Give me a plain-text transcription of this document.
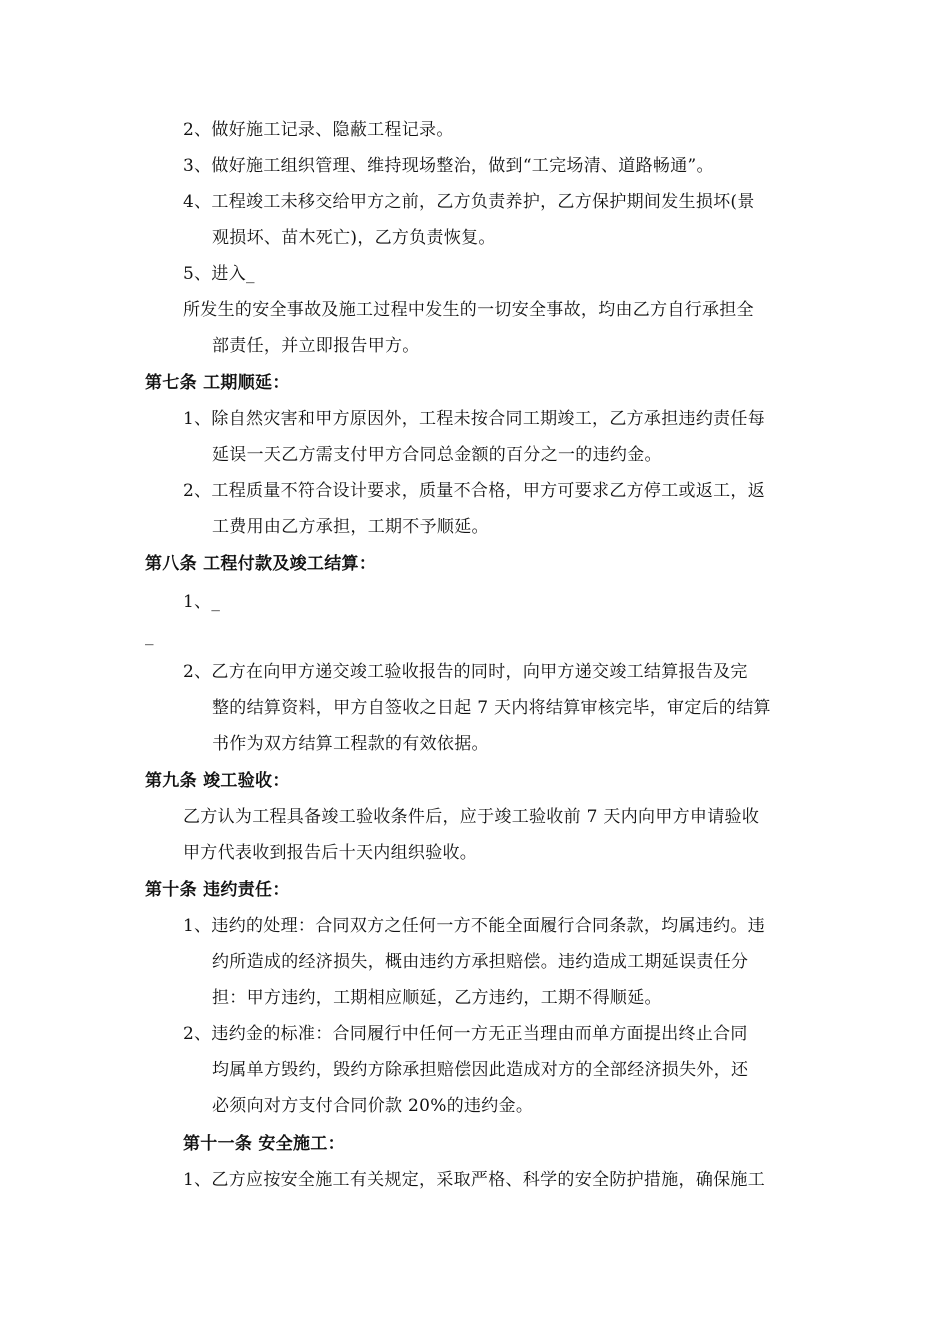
2、做好施工记录、隐蔽工程记录。
3、做好施工组织管理、维持现场整治，做到“工完场清、道路畅通”。
4、工程竣工未移交给甲方之前，乙方负责养护，乙方保护期间发生损坏(景
观损坏、苗木死亡)，乙方负责恢复。
5、进入_
所发生的安全事故及施工过程中发生的一切安全事故，均由乙方自行承担全
部责任，并立即报告甲方。
第七条 工期顺延：
1、除自然灾害和甲方原因外，工程未按合同工期竣工，乙方承担违约责任每
延误一天乙方需支付甲方合同总金额的百分之一的违约金。
2、工程质量不符合设计要求，质量不合格，甲方可要求乙方停工或返工，返
工费用由乙方承担，工期不予顺延。
第八条 工程付款及竣工结算：
1、_
_
2、乙方在向甲方递交竣工验收报告的同时，向甲方递交竣工结算报告及完
整的结算资料，甲方自签收之日起 7 天内将结算审核完毕，审定后的结算
书作为双方结算工程款的有效依据。
第九条 竣工验收：
乙方认为工程具备竣工验收条件后，应于竣工验收前 7 天内向甲方申请验收
甲方代表收到报告后十天内组织验收。
第十条 违约责任：
1、违约的处理：合同双方之任何一方不能全面履行合同条款，均属违约。违
约所造成的经济损失，概由违约方承担赔偿。违约造成工期延误责任分
担：甲方违约，工期相应顺延，乙方违约，工期不得顺延。
2、违约金的标准：合同履行中任何一方无正当理由而单方面提出终止合同
均属单方毁约，毁约方除承担赔偿因此造成对方的全部经济损失外，还
必须向对方支付合同价款 20%的违约金。
第十一条 安全施工：
1、乙方应按安全施工有关规定，采取严格、科学的安全防护措施，确保施工
